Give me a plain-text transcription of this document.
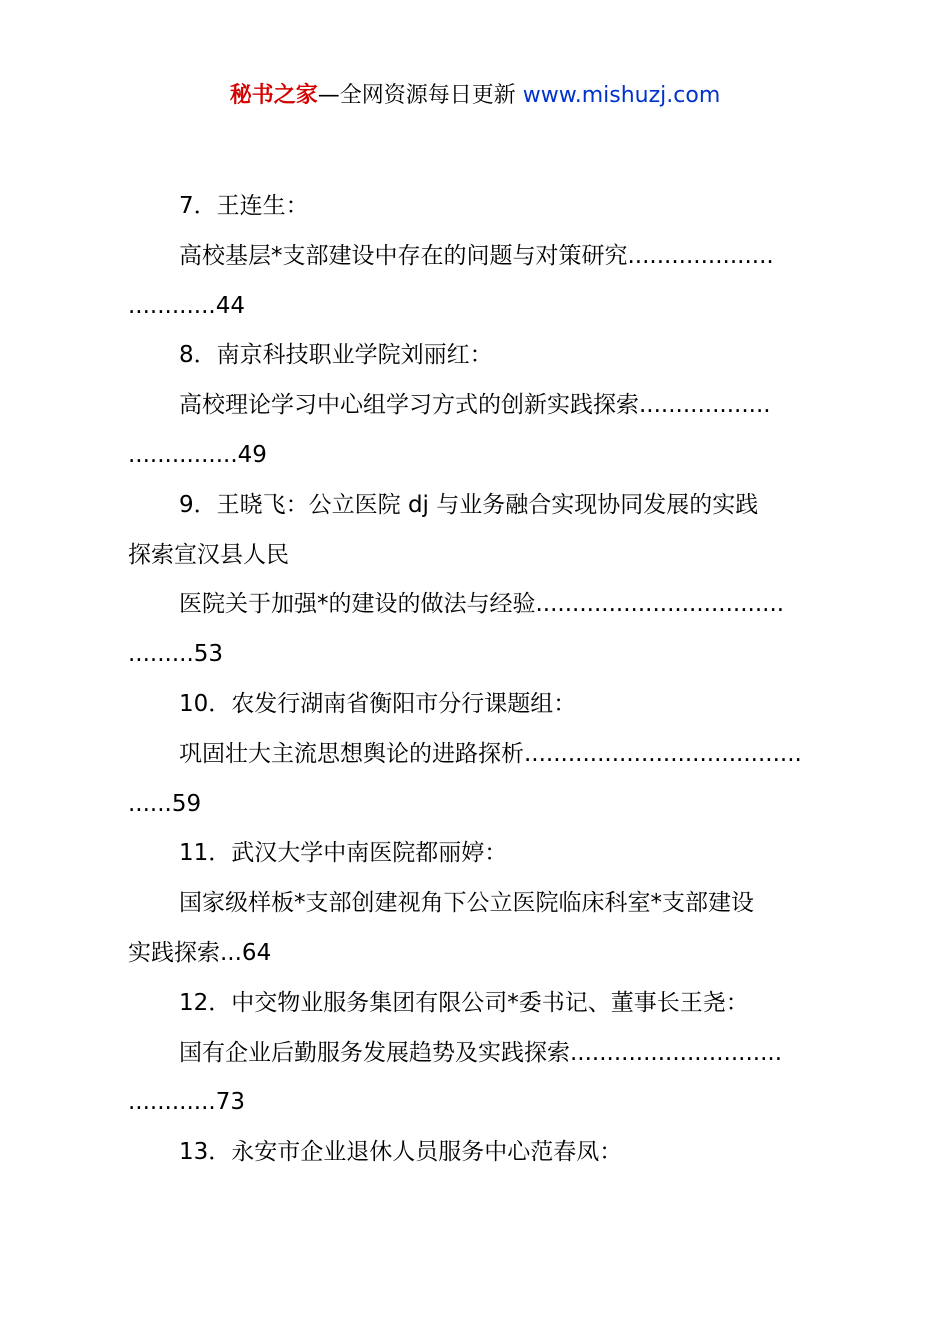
秘书之家—全网资源每日更新 www.mishuzj.com
7．王连生：
高校基层*支部建设中存在的问题与对策研究....................
............44
8．南京科技职业学院刘丽红：
高校理论学习中心组学习方式的创新实践探索..................
...............49
9．王晓飞：公立医院 dj 与业务融合实现协同发展的实践
探索宣汉县人民
医院关于加强*的建设的做法与经验..................................
.........53
10．农发行湖南省衡阳市分行课题组：
巩固壮大主流思想舆论的进路探析......................................
......59
11．武汉大学中南医院都丽婷：
国家级样板*支部创建视角下公立医院临床科室*支部建设
实践探索...64
12．中交物业服务集团有限公司*委书记、董事长王尧：
国有企业后勤服务发展趋势及实践探索.............................
............73
13．永安市企业退休人员服务中心范春凤：
